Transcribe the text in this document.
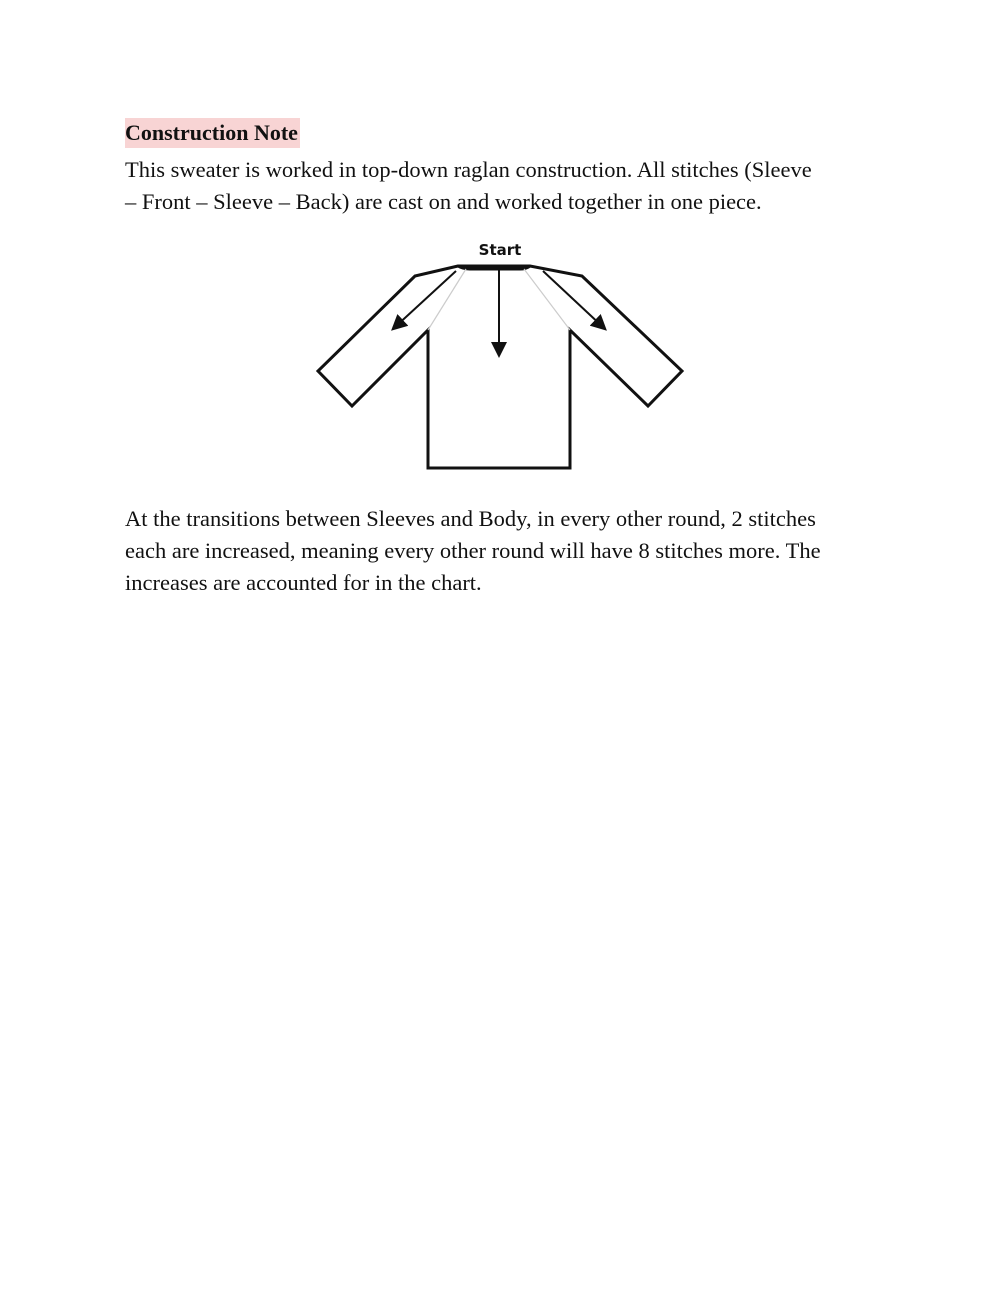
Construction Note

This sweater is worked in top-down raglan construction. All stitches (Sleeve
– Front – Sleeve – Back) are cast on and worked together in one piece.

Start

At the transitions between Sleeves and Body, in every other round, 2 stitches
each are increased, meaning every other round will have 8 stitches more. The
increases are accounted for in the chart.
